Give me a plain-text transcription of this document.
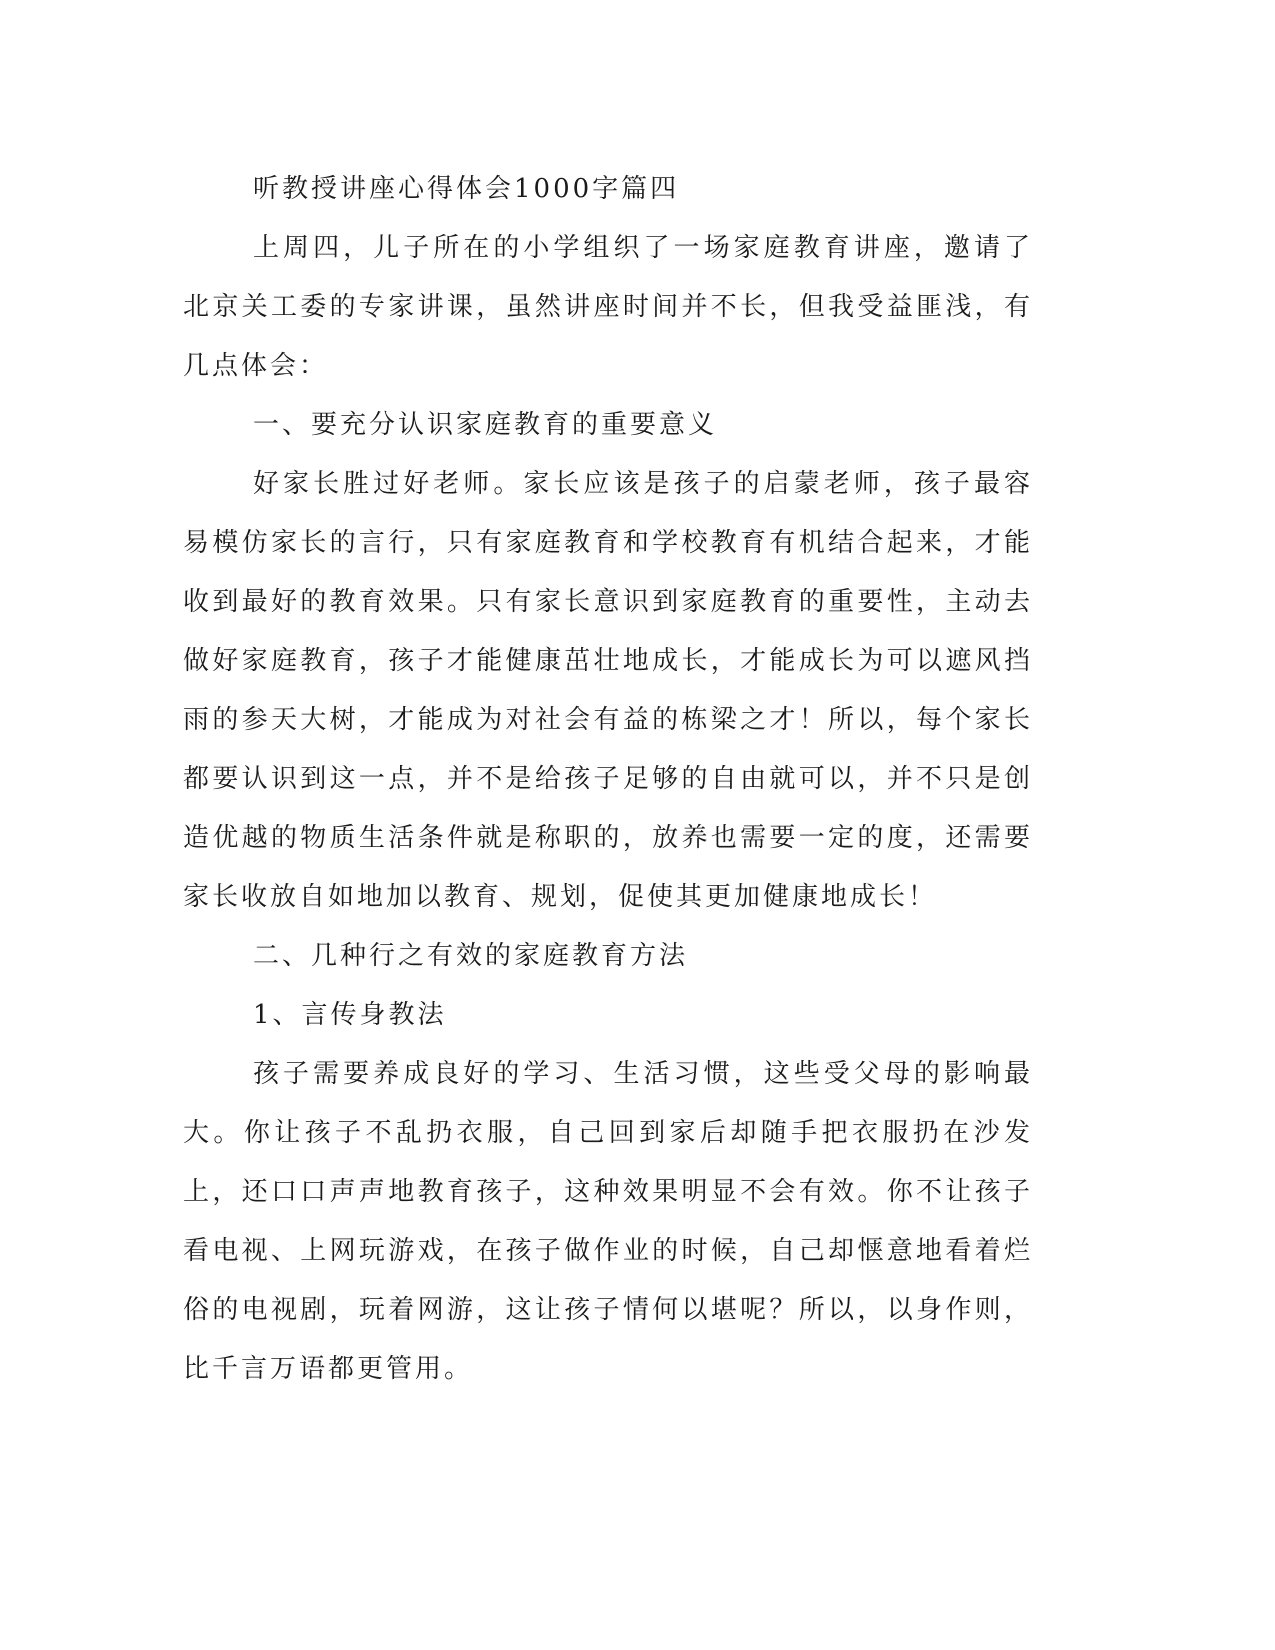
听教授讲座心得体会1000字篇四

上周四，儿子所在的小学组织了一场家庭教育讲座，邀请了北京关工委的专家讲课，虽然讲座时间并不长，但我受益匪浅，有几点体会：

一、要充分认识家庭教育的重要意义

好家长胜过好老师。家长应该是孩子的启蒙老师，孩子最容易模仿家长的言行，只有家庭教育和学校教育有机结合起来，才能收到最好的教育效果。只有家长意识到家庭教育的重要性，主动去做好家庭教育，孩子才能健康茁壮地成长，才能成长为可以遮风挡雨的参天大树，才能成为对社会有益的栋梁之才！所以，每个家长都要认识到这一点，并不是给孩子足够的自由就可以，并不只是创造优越的物质生活条件就是称职的，放养也需要一定的度，还需要家长收放自如地加以教育、规划，促使其更加健康地成长！

二、几种行之有效的家庭教育方法

1、言传身教法

孩子需要养成良好的学习、生活习惯，这些受父母的影响最大。你让孩子不乱扔衣服，自己回到家后却随手把衣服扔在沙发上，还口口声声地教育孩子，这种效果明显不会有效。你不让孩子看电视、上网玩游戏，在孩子做作业的时候，自己却惬意地看着烂俗的电视剧，玩着网游，这让孩子情何以堪呢？所以，以身作则，比千言万语都更管用。
